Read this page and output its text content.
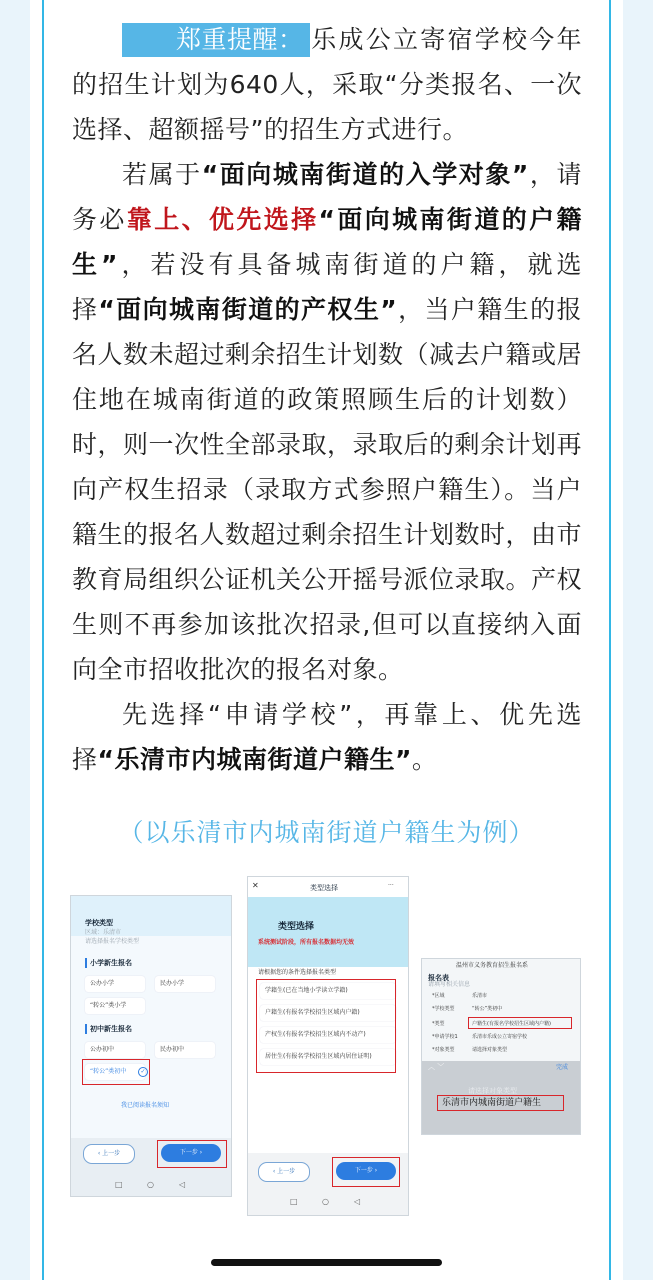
郑重提醒： 乐成公立寄宿学校今年的招生计划为640人，采取“分类报名、一次选择、超额摇号”的招生方式进行。

若属于“面向城南街道的入学对象”，请务必靠上、优先选择“面向城南街道的户籍生”，若没有具备城南街道的户籍，就选择“面向城南街道的产权生”，当户籍生的报名人数未超过剩余招生计划数（减去户籍或居住地在城南街道的政策照顾生后的计划数）时，则一次性全部录取，录取后的剩余计划再向产权生招录（录取方式参照户籍生）。当户籍生的报名人数超过剩余招生计划数时，由市教育局组织公证机关公开摇号派位录取。产权生则不再参加该批次招录,但可以直接纳入面向全市招收批次的报名对象。

先选择“申请学校”，再靠上、优先选择“乐清市内城南街道户籍生”。

（以乐清市内城南街道户籍生为例）
学校类型
区域：乐清市
请选择报名学校类型
小学新生报名
公办小学	民办小学
“转公”类小学
初中新生报名
公办初中	民办初中
“转公”类初中	✓
我已阅读报名须知
‹ 上一步	下一步 ›
□	○	◁
✕	类型选择	···
类型选择
系统测试阶段，所有报名数据均无效
请根据您的条件选择报名类型
学籍生(已在当地小学读立学籍)
户籍生(有报名学校招生区域内户籍)
产权生(有报名学校招生区域内不动产)
居住生(有报名学校招生区域内居住证明)
‹ 上一步	下一步 ›
□	○	◁
温州市义务教育招生报名系
报名表
请填写相关信息
*区域	乐清市
*学校类型	“转公”类初中
*类型	户籍生(有报名学校招生区域内户籍)
*申请学校1	乐清市乐成公立寄宿学校
*对象类型	请选择对象类型
︿ ﹀	完成
请选择对象类型
乐清市内城南街道户籍生
